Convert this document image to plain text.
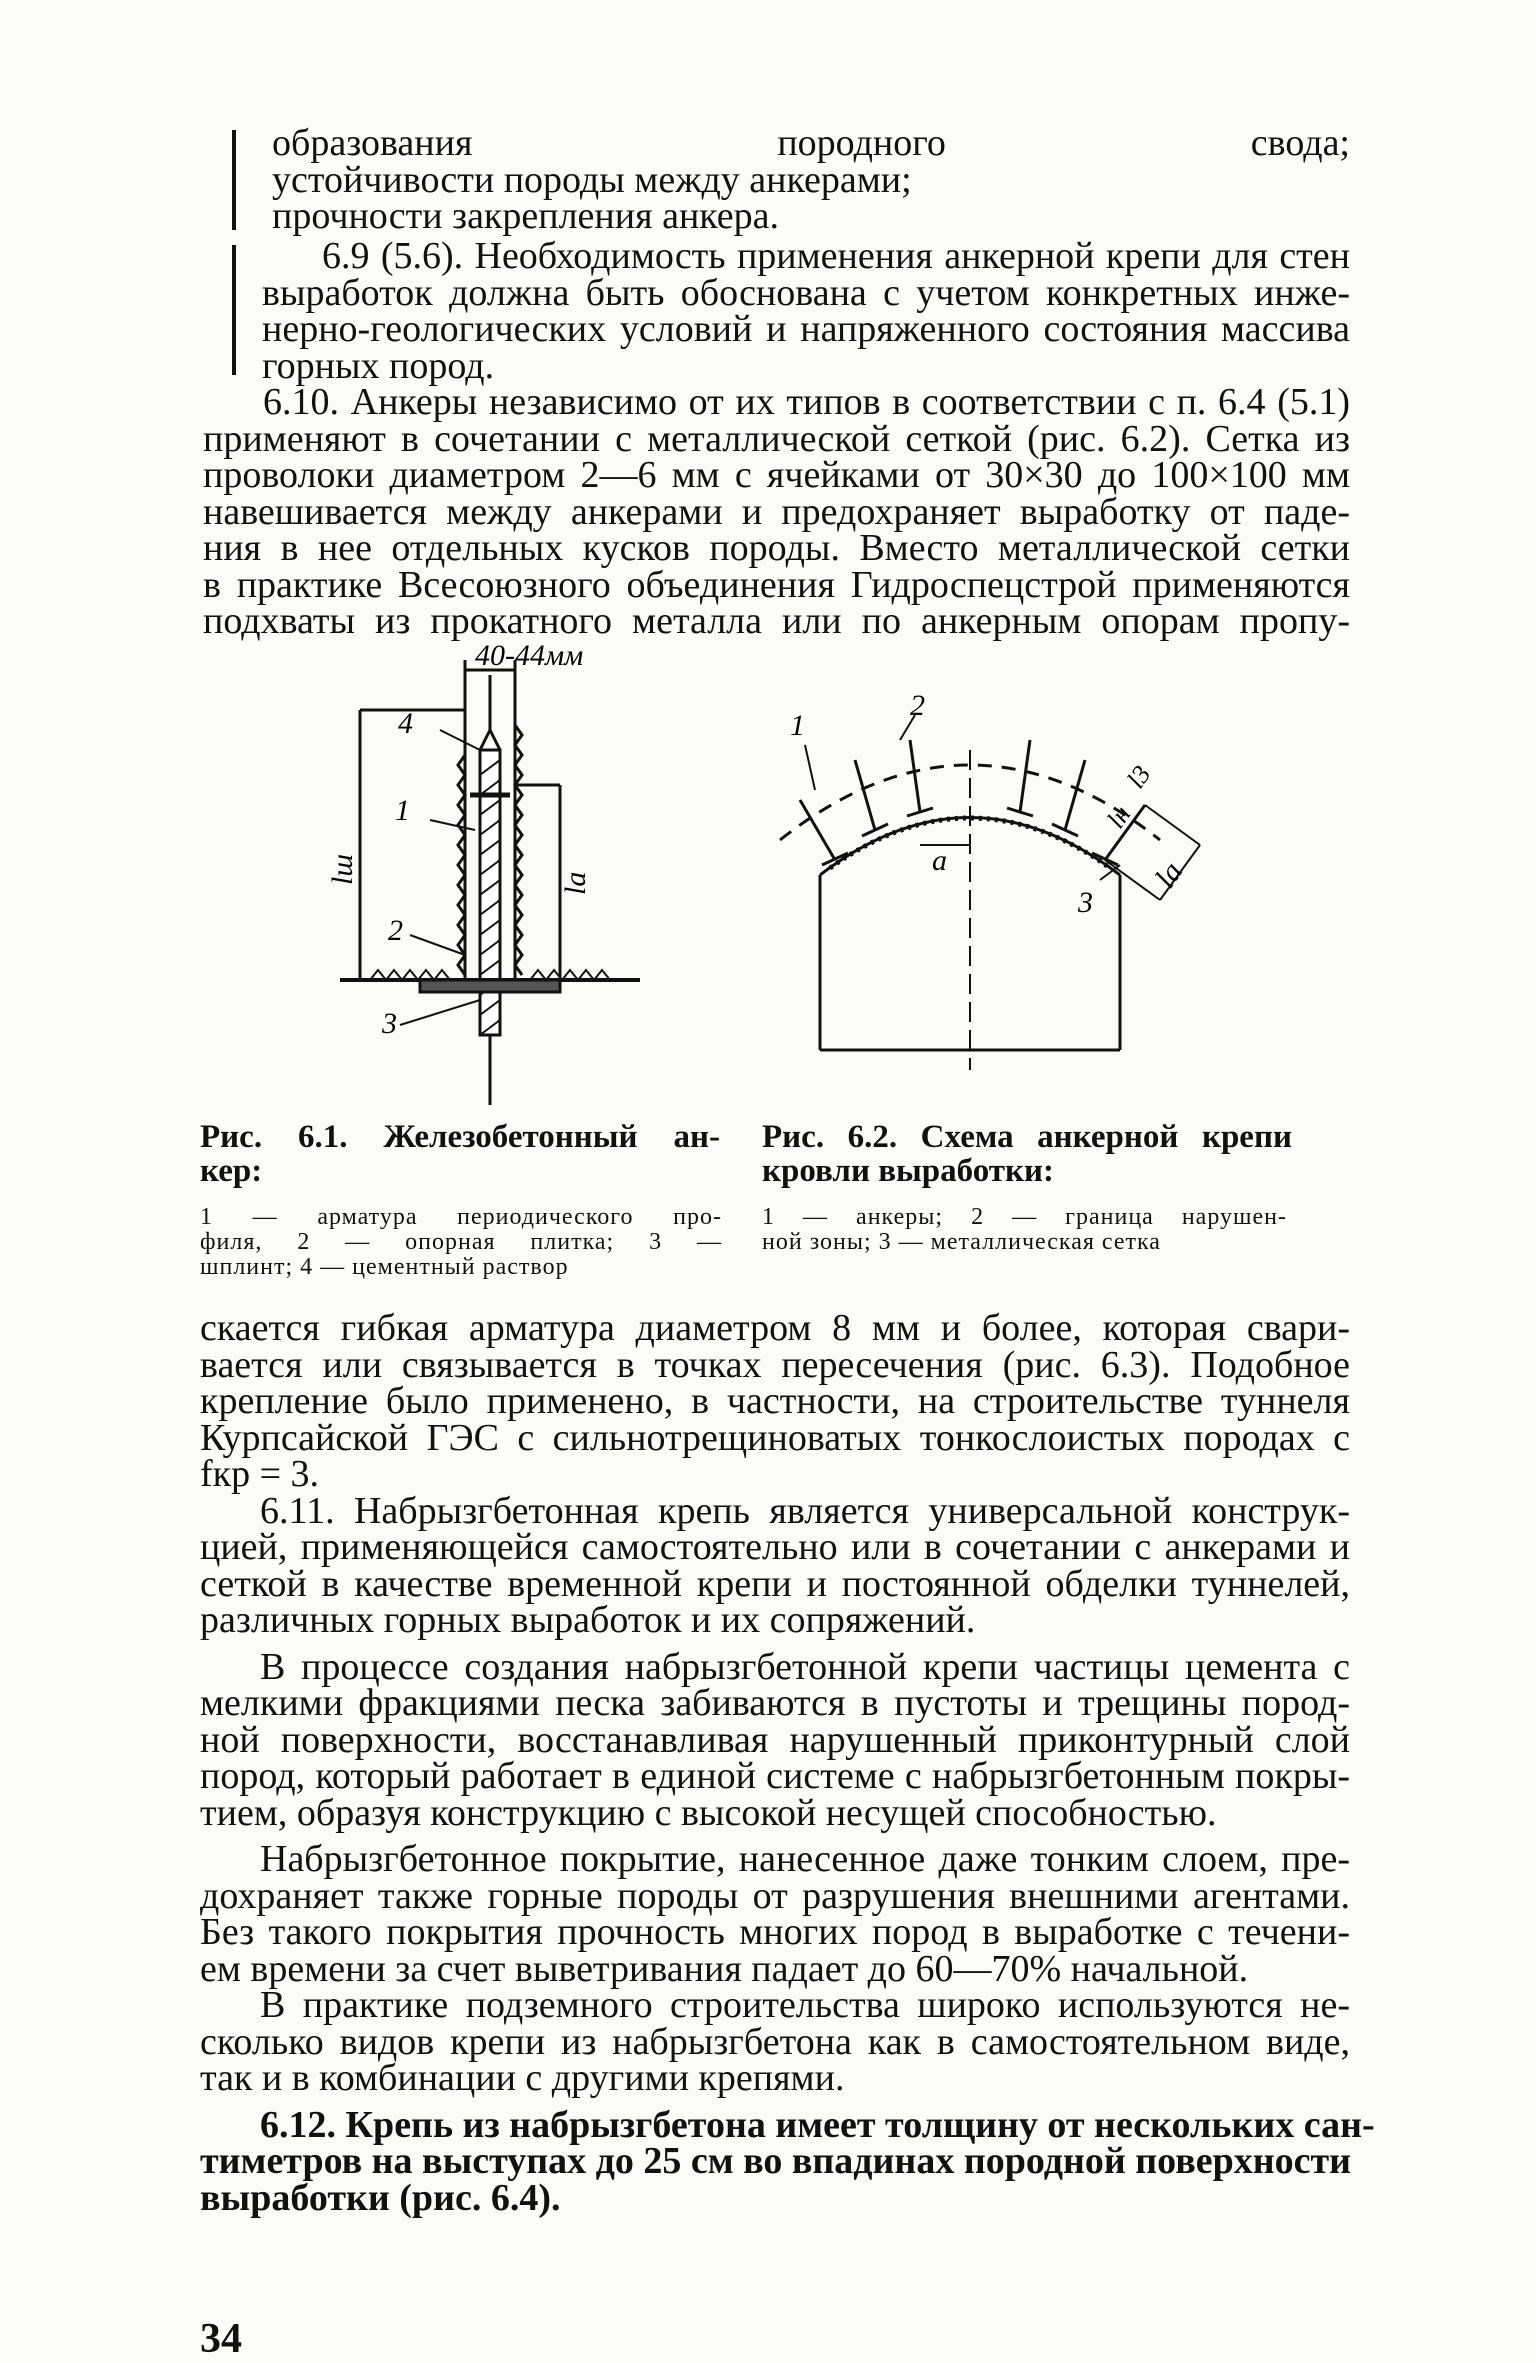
образования породного свода;
устойчивости породы между анкерами;
прочности закрепления анкера.
6.9 (5.6). Необходимость применения анкерной крепи для стен
выработок должна быть обоснована с учетом конкретных инже-
нерно-геологических условий и напряженного состояния массива
горных пород.
6.10. Анкеры независимо от их типов в соответствии с п. 6.4 (5.1)
применяют в сочетании с металлической сеткой (рис. 6.2). Сетка из
проволоки диаметром 2—6 мм с ячейками от 30×30 до 100×100 мм
навешивается между анкерами и предохраняет выработку от паде-
ния в нее отдельных кусков породы. Вместо металлической сетки
в практике Всесоюзного объединения Гидроспецстрой применяются
подхваты из прокатного металла или по анкерным опорам пропу-
40-44мм
4
1
2
3
lш	lа
1
2
3
a
lн
l3
lа
Рис. 6.1. Железобетонный ан-
кер:
1 — арматура периодического про-
филя, 2 — опорная плитка; 3 —
шплинт; 4 — цементный раствор
Рис. 6.2. Схема анкерной крепи
кровли выработки:
1 — анкеры; 2 — граница нарушен-
ной зоны; 3 — металлическая сетка
скается гибкая арматура диаметром 8 мм и более, которая свари-
вается или связывается в точках пересечения (рис. 6.3). Подобное
крепление было применено, в частности, на строительстве туннеля
Курпсайской ГЭС с сильнотрещиноватых тонкослоистых породах с
fкр = 3.
6.11. Набрызгбетонная крепь является универсальной конструк-
цией, применяющейся самостоятельно или в сочетании с анкерами и
сеткой в качестве временной крепи и постоянной обделки туннелей,
различных горных выработок и их сопряжений.
В процессе создания набрызгбетонной крепи частицы цемента с
мелкими фракциями песка забиваются в пустоты и трещины пород-
ной поверхности, восстанавливая нарушенный приконтурный слой
пород, который работает в единой системе с набрызгбетонным покры-
тием, образуя конструкцию с высокой несущей способностью.
Набрызгбетонное покрытие, нанесенное даже тонким слоем, пре-
дохраняет также горные породы от разрушения внешними агентами.
Без такого покрытия прочность многих пород в выработке с течени-
ем времени за счет выветривания падает до 60—70% начальной.
В практике подземного строительства широко используются не-
сколько видов крепи из набрызгбетона как в самостоятельном виде,
так и в комбинации с другими крепями.
6.12. Крепь из набрызгбетона имеет толщину от нескольких сан-
тиметров на выступах до 25 см во впадинах породной поверхности
выработки (рис. 6.4).
34
